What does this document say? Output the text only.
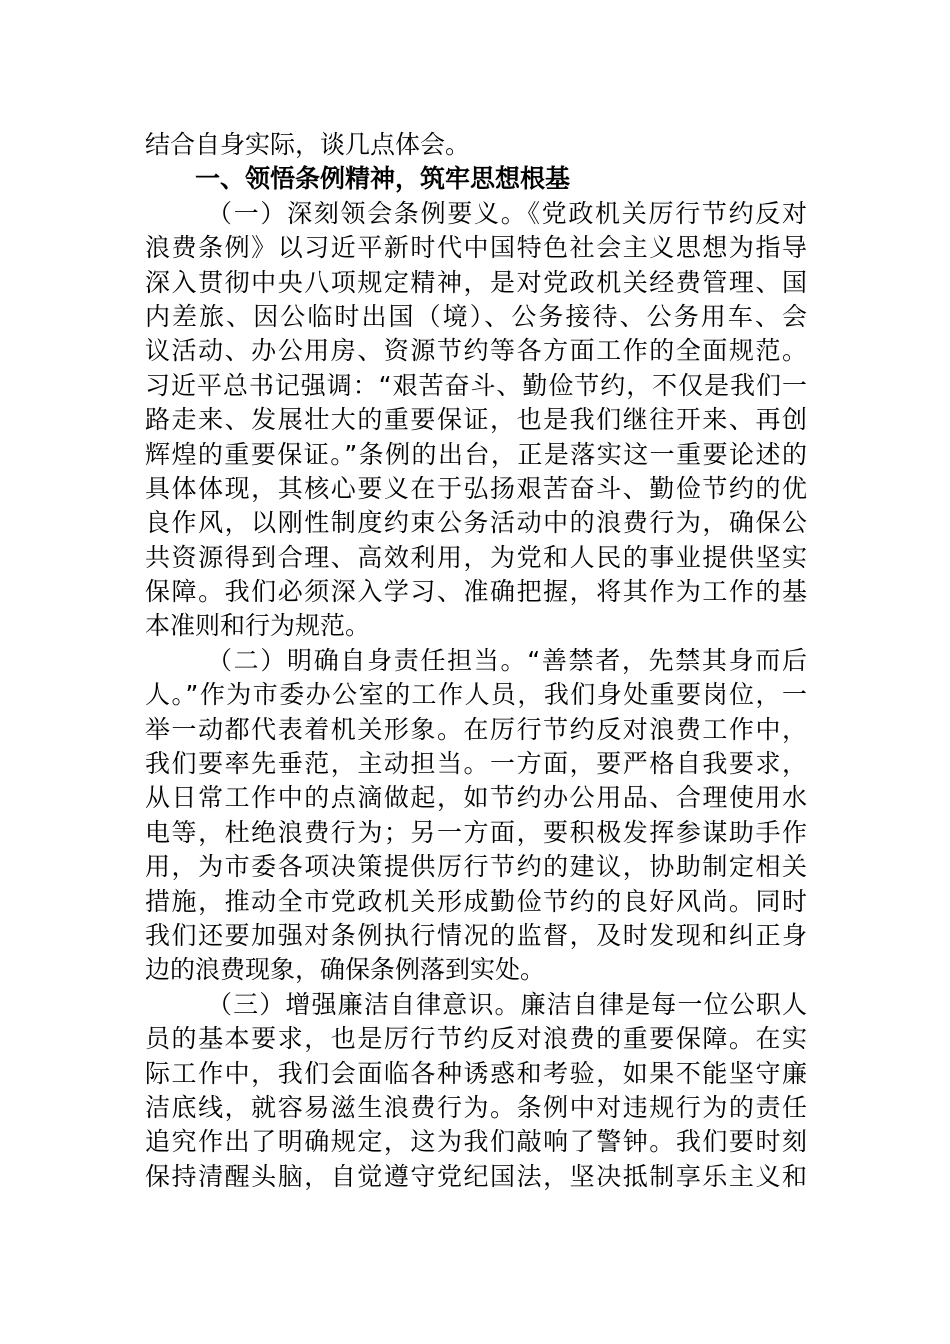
结合自身实际，谈几点体会。
一、领悟条例精神，筑牢思想根基
（一）深刻领会条例要义。《党政机关厉行节约反对
浪费条例》以习近平新时代中国特色社会主义思想为指导
深入贯彻中央八项规定精神，是对党政机关经费管理、国
内差旅、因公临时出国（境）、公务接待、公务用车、会
议活动、办公用房、资源节约等各方面工作的全面规范。
习近平总书记强调：“艰苦奋斗、勤俭节约，不仅是我们一
路走来、发展壮大的重要保证，也是我们继往开来、再创
辉煌的重要保证。”条例的出台，正是落实这一重要论述的
具体体现，其核心要义在于弘扬艰苦奋斗、勤俭节约的优
良作风，以刚性制度约束公务活动中的浪费行为，确保公
共资源得到合理、高效利用，为党和人民的事业提供坚实
保障。我们必须深入学习、准确把握，将其作为工作的基
本准则和行为规范。
（二）明确自身责任担当。“善禁者，先禁其身而后
人。”作为市委办公室的工作人员，我们身处重要岗位，一
举一动都代表着机关形象。在厉行节约反对浪费工作中，
我们要率先垂范，主动担当。一方面，要严格自我要求，
从日常工作中的点滴做起，如节约办公用品、合理使用水
电等，杜绝浪费行为；另一方面，要积极发挥参谋助手作
用，为市委各项决策提供厉行节约的建议，协助制定相关
措施，推动全市党政机关形成勤俭节约的良好风尚。同时
我们还要加强对条例执行情况的监督，及时发现和纠正身
边的浪费现象，确保条例落到实处。
（三）增强廉洁自律意识。廉洁自律是每一位公职人
员的基本要求，也是厉行节约反对浪费的重要保障。在实
际工作中，我们会面临各种诱惑和考验，如果不能坚守廉
洁底线，就容易滋生浪费行为。条例中对违规行为的责任
追究作出了明确规定，这为我们敲响了警钟。我们要时刻
保持清醒头脑，自觉遵守党纪国法，坚决抵制享乐主义和
